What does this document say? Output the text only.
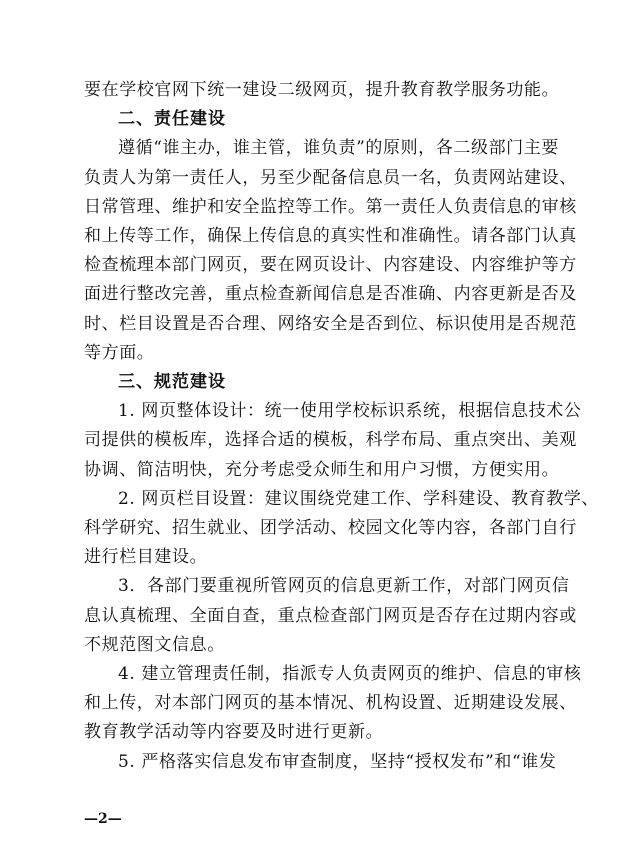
要在学校官网下统一建设二级网页，提升教育教学服务功能。
二、责任建设
遵循“谁主办，谁主管，谁负责”的原则，各二级部门主要
负责人为第一责任人，另至少配备信息员一名，负责网站建设、
日常管理、维护和安全监控等工作。第一责任人负责信息的审核
和上传等工作，确保上传信息的真实性和准确性。请各部门认真
检查梳理本部门网页，要在网页设计、内容建设、内容维护等方
面进行整改完善，重点检查新闻信息是否准确、内容更新是否及
时、栏目设置是否合理、网络安全是否到位、标识使用是否规范
等方面。
三、规范建设
1. 网页整体设计：统一使用学校标识系统，根据信息技术公
司提供的模板库，选择合适的模板，科学布局、重点突出、美观
协调、简洁明快，充分考虑受众师生和用户习惯，方便实用。
2. 网页栏目设置：建议围绕党建工作、学科建设、教育教学、
科学研究、招生就业、团学活动、校园文化等内容，各部门自行
进行栏目建设。
3．各部门要重视所管网页的信息更新工作，对部门网页信
息认真梳理、全面自查，重点检查部门网页是否存在过期内容或
不规范图文信息。
4. 建立管理责任制，指派专人负责网页的维护、信息的审核
和上传，对本部门网页的基本情况、机构设置、近期建设发展、
教育教学活动等内容要及时进行更新。
5. 严格落实信息发布审查制度，坚持“授权发布”和“谁发
—2—
